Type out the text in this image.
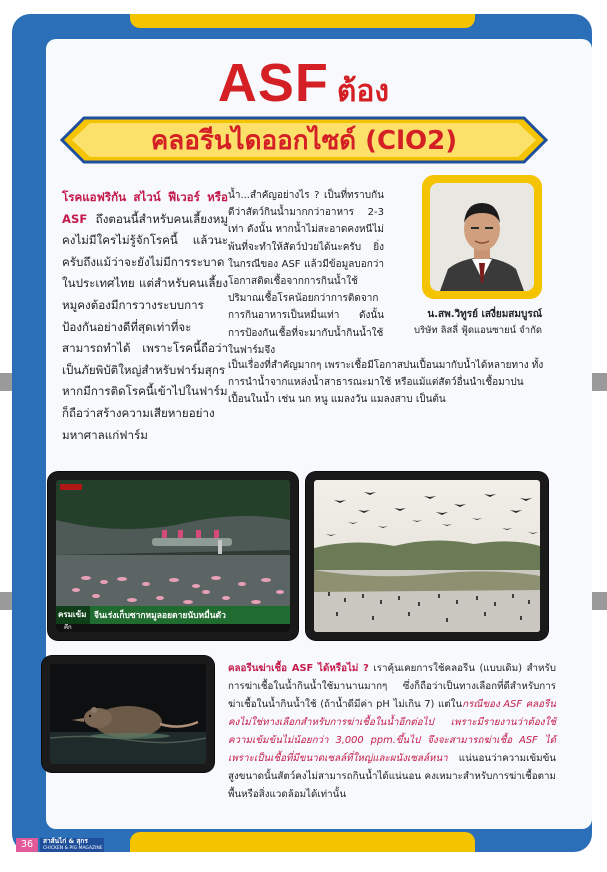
ASF ต้อง
คลอรีนไดออกไซด์ (ClO2)
โรคแอฟริกัน สไวน์ ฟีเวอร์ หรือ ASF ถึงตอนนี้สำหรับคนเลี้ยงหมูคงไม่มีใครไม่รู้จักโรคนี้ แล้วนะครับถึงแม้ว่าจะยังไม่มีการระบาดในประเทศไทย แต่สำหรับคนเลี้ยงหมูคงต้องมีการวางระบบการป้องกันอย่างดีที่สุดเท่าที่จะสามารถทำได้ เพราะโรคนี้ถือว่าเป็นภัยพิบัติใหญ่สำหรับฟาร์มสุกร หากมีการติดโรคนี้เข้าไปในฟาร์มก็ถือว่าสร้างความเสียหายอย่างมหาศาลแก่ฟาร์ม
น้ำ...สำคัญอย่างไร ? เป็นที่ทราบกันดีว่าสัตว์กินน้ำมากกว่าอาหาร 2-3 เท่า ดังนั้น หากน้ำไม่สะอาดคงหนีไม่พ้นที่จะทำให้สัตว์ป่วยได้นะครับ ยิ่งในกรณีของ ASF แล้วมีข้อมูลบอกว่าโอกาสติดเชื้อจากการกินน้ำใช้ปริมาณเชื้อโรคน้อยกว่าการติดจากการกินอาหารเป็นหมื่นเท่า ดังนั้น การป้องกันเชื้อที่จะมากับน้ำกินน้ำใช้ในฟาร์มจึง
น.สพ.วิทูรย์ เสงี่ยมสมบูรณ์
บริษัท ลิสลี่ ฟู้ดแอนซายน์ จำกัด
เป็นเรื่องที่สำคัญมากๆ เพราะเชื้อมีโอกาสปนเปื้อนมากับน้ำได้หลายทาง ทั้งการนำน้ำจากแหล่งน้ำสาธารณะมาใช้ หรือแม้แต่สัตว์อื่นนำเชื้อมาปนเปื้อนในน้ำ เช่น นก หนู แมลงวัน แมลงสาบ เป็นต้น
ครมเข้ม
คึก
จีนเร่งเก็บซากหมูลอยตายนับหมื่นตัว
คลอรีนฆ่าเชื้อ ASF ได้หรือไม่ ? เราคุ้นเคยการใช้คลอรีน (แบบเดิม) สำหรับการฆ่าเชื้อในน้ำกินน้ำใช้มานานมากๆ ซึ่งก็ถือว่าเป็นทางเลือกที่ดีสำหรับการฆ่าเชื้อในน้ำกินน้ำใช้ (ถ้าน้ำดีมีค่า pH ไม่เกิน 7) แต่ในกรณีของ ASF คลอรีนคงไม่ใช่ทางเลือกสำหรับการฆ่าเชื้อในน้ำอีกต่อไป เพราะมีรายงานว่าต้องใช้ความเข้มข้นไม่น้อยกว่า 3,000 ppm.ขึ้นไป จึงจะสามารถฆ่าเชื้อ ASF ได้เพราะเป็นเชื้อที่มีขนาดเซลล์ที่ใหญ่และผนังเซลล์หนา แน่นอนว่าความเข้มข้นสูงขนาดนั้นสัตว์คงไม่สามารถกินน้ำได้แน่นอน คงเหมาะสำหรับการฆ่าเชื้อตามพื้นหรือสิ่งแวดล้อมได้เท่านั้น
36	สาส์นไก่ & สุกร
CHICKEN & PIG MAGAZINE
